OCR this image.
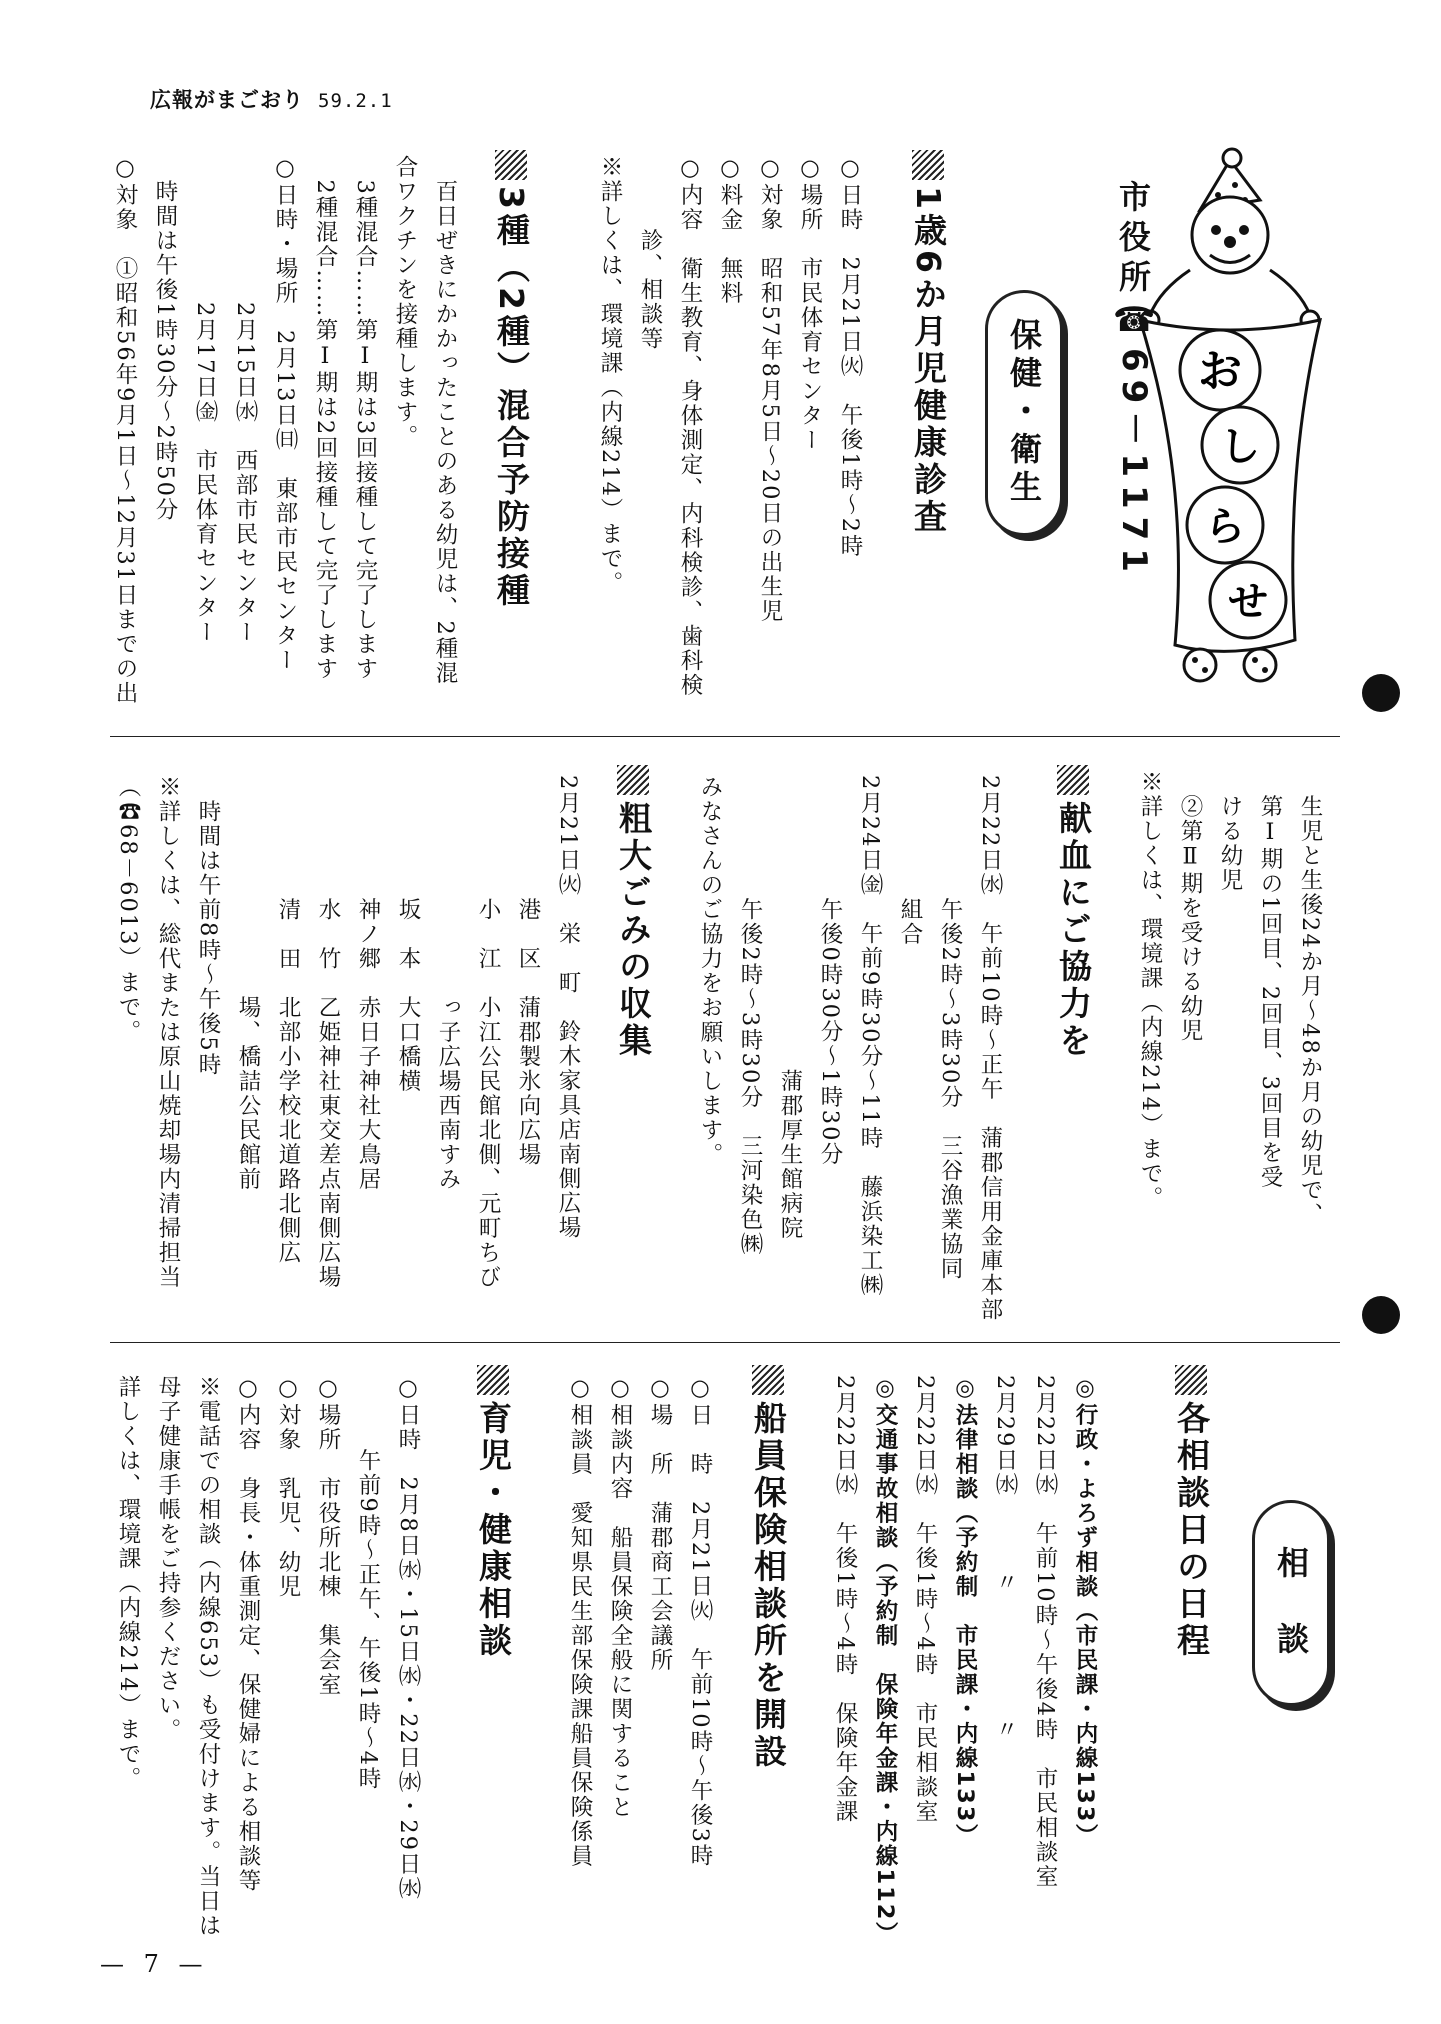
広報がまごおり 59.2.1
— 7 —
お
し
ら
せ
市役所
☎69－1171
保健・衛生
1歳6か月児健康診査
○日時　2月21日㈫　午後1時～2時
○場所　市民体育センター
○対象　昭和57年8月5日～20日の出生児
○料金　無料
○内容　衛生教育、身体測定、内科検診、歯科検
　　　診、相談等
※詳しくは、環境課（内線214）まで。
3種（2種）混合予防接種
　百日ぜきにかかったことのある幼児は、2種混
合ワクチンを接種します。
　3種混合……第Ⅰ期は3回接種して完了します
　2種混合……第Ⅰ期は2回接種して完了します
○日時・場所　2月13日㈰　東部市民センター
　　　　　　2月15日㈬　西部市民センター
　　　　　　2月17日㈮　市民体育センター
　時間は午後1時30分～2時50分
○対象　①昭和56年9月1日～12月31日までの出
　生児と生後24か月～48か月の幼児で、
　第Ⅰ期の1回目、2回目、3回目を受
　ける幼児
　②第Ⅱ期を受ける幼児
※詳しくは、環境課（内線214）まで。
献血にご協力を
2月22日㈬　午前10時～正午　蒲郡信用金庫本部
　　　　　午後2時～3時30分　三谷漁業協同
　　　　　組合
2月24日㈮　午前9時30分～11時　藤浜染工㈱
　　　　　午後0時30分～1時30分
　　　　　　　　　　　　蒲郡厚生館病院
　　　　　午後2時～3時30分　三河染色㈱
みなさんのご協力をお願いします。
粗大ごみの収集
2月21日㈫　栄　町　鈴木家具店南側広場
　　　　　港　区　蒲郡製氷向広場
　　　　　小　江　小江公民館北側、元町ちび
　　　　　　　　　っ子広場西南すみ
　　　　　坂　本　大口橋横
　　　　　神ノ郷　赤日子神社大鳥居
　　　　　水　竹　乙姫神社東交差点南側広場
　　　　　清　田　北部小学校北道路北側広
　　　　　　　　　場、橋詰公民館前
　時間は午前8時～午後5時
※詳しくは、総代または原山焼却場内清掃担当
（☎68－6013）まで。
相　談
各相談日の日程
◎行政・よろず相談（市民課・内線133）
2月22日㈬　午前10時～午後4時　市民相談室
2月29日㈬　　　〃　　　　　〃
◎法律相談（予約制　市民課・内線133）
2月22日㈬　午後1時～4時　市民相談室
◎交通事故相談（予約制　保険年金課・内線112）
2月22日㈬　午後1時～4時　保険年金課
船員保険相談所を開設
○日　時　2月21日㈫　午前10時～午後3時
○場　所　蒲郡商工会議所
○相談内容　船員保険全般に関すること
○相談員　愛知県民生部保険課船員保険係員
育児・健康相談
○日時　2月8日㈬・15日㈬・22日㈬・29日㈬
　　　午前9時～正午、午後1時～4時
○場所　市役所北棟　集会室
○対象　乳児、幼児
○内容　身長・体重測定、保健婦による相談等
※電話での相談（内線653）も受付けます。当日は
母子健康手帳をご持参ください。
詳しくは、環境課（内線214）まで。
